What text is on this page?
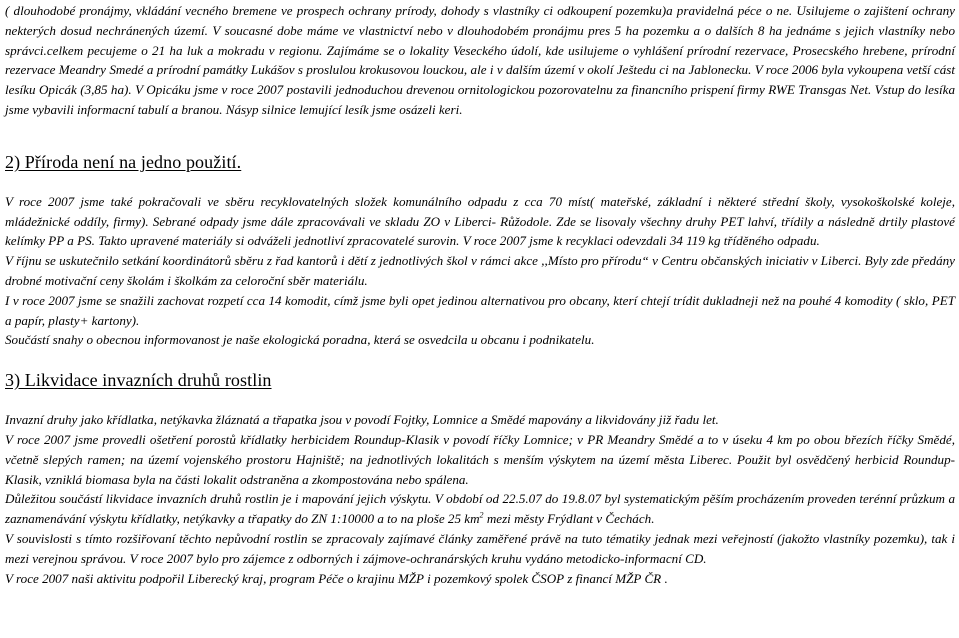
( dlouhodobé pronájmy, vkládání vecného bremene ve prospech ochrany prírody, dohody s vlastníky ci odkoupení pozemku)a pravidelná péce o ne. Usilujeme o zajištení ochrany nekterých dosud nechránených území. V soucasné dobe máme ve vlastnictví nebo v dlouhodobém pronájmu pres 5 ha pozemku a o dalších 8 ha jednáme s jejich vlastníky nebo správci.celkem pecujeme o 21 ha luk a mokradu v regionu. Zajímáme se o lokality Veseckého údolí, kde usilujeme o vyhlášení prírodní rezervace, Prosecského hrebene, prírodní rezervace Meandry Smedé a prírodní památky Lukášov s proslulou krokusovou louckou, ale i v dalším území v okolí Ještedu ci na Jablonecku. V roce 2006 byla vykoupena vetší cást lesíku Opicák (3,85 ha). V Opicáku jsme v roce 2007 postavili jednoduchou drevenou ornitologickou pozorovatelnu za financního prispení firmy RWE Transgas Net. Vstup do lesíka jsme vybavili informacní tabulí a branou. Násyp silnice lemující lesík jsme osázeli keri.

2) Příroda není na jedno použití.

V roce 2007 jsme také pokračovali ve sběru recyklovatelných složek komunálního odpadu z cca 70 míst( mateřské, základní i některé střední školy, vysokoškolské koleje, mládežnické oddíly, firmy). Sebrané odpady jsme dále zpracovávali ve skladu ZO v Liberci- Růžodole. Zde se lisovaly všechny druhy PET lahví, třídily a následně drtily plastové kelímky PP a PS. Takto upravené materiály si odváželi jednotliví zpracovatelé surovin. V roce 2007 jsme k recyklaci odevzdali 34 119 kg tříděného odpadu.

V říjnu se uskutečnilo setkání koordinátorů sběru z řad kantorů i dětí z jednotlivých škol v rámci akce ,,Místo pro přírodu“ v Centru občanských iniciativ v Liberci. Byly zde předány drobné motivační ceny školám i školkám za celoroční sběr materiálu.

I v roce 2007 jsme se snažili zachovat rozpetí cca 14 komodit, címž jsme byli opet jedinou alternativou pro obcany, kterí chtejí trídit dukladneji než na pouhé 4 komodity ( sklo, PET a papír, plasty+ kartony).

Součástí snahy o obecnou informovanost je naše ekologická poradna, která se osvedcila u obcanu i podnikatelu.

3) Likvidace invazních druhů rostlin

Invazní druhy jako křídlatka, netýkavka žláznatá a třapatka jsou v povodí Fojtky, Lomnice a Smědé mapovány a likvidovány již řadu let.

V roce 2007 jsme provedli ošetření porostů křídlatky herbicidem Roundup-Klasik v povodí říčky Lomnice; v PR Meandry Smědé a to v úseku 4 km po obou březích říčky Smědé, včetně slepých ramen; na území vojenského prostoru Hajniště; na jednotlivých lokalitách s menším výskytem na území města Liberec. Použit byl osvědčený herbicid Roundup-Klasik, vzniklá biomasa byla na části lokalit odstraněna a zkompostována nebo spálena.

Důležitou součástí likvidace invazních druhů rostlin je i mapování jejich výskytu. V období od 22.5.07 do 19.8.07 byl systematickým pěším procházením proveden terénní průzkum a zaznamenávání výskytu křídlatky, netýkavky a třapatky do ZN 1:10000 a to na ploše 25 $km^2$ mezi městy Frýdlant v Čechách.

V souvislosti s tímto rozšiřovaní těchto nepůvodní rostlin se zpracovaly zajímavé články zaměřené právě na tuto tématiky jednak mezi veřejností (jakožto vlastníky pozemku), tak i mezi verejnou správou. V roce 2007 bylo pro zájemce z odborných i zájmove-ochranárských kruhu vydáno metodicko-informacní CD.

V roce 2007 naši aktivitu podpořil Liberecký kraj, program Péče o krajinu MŽP i pozemkový spolek ČSOP z financí MŽP ČR .
